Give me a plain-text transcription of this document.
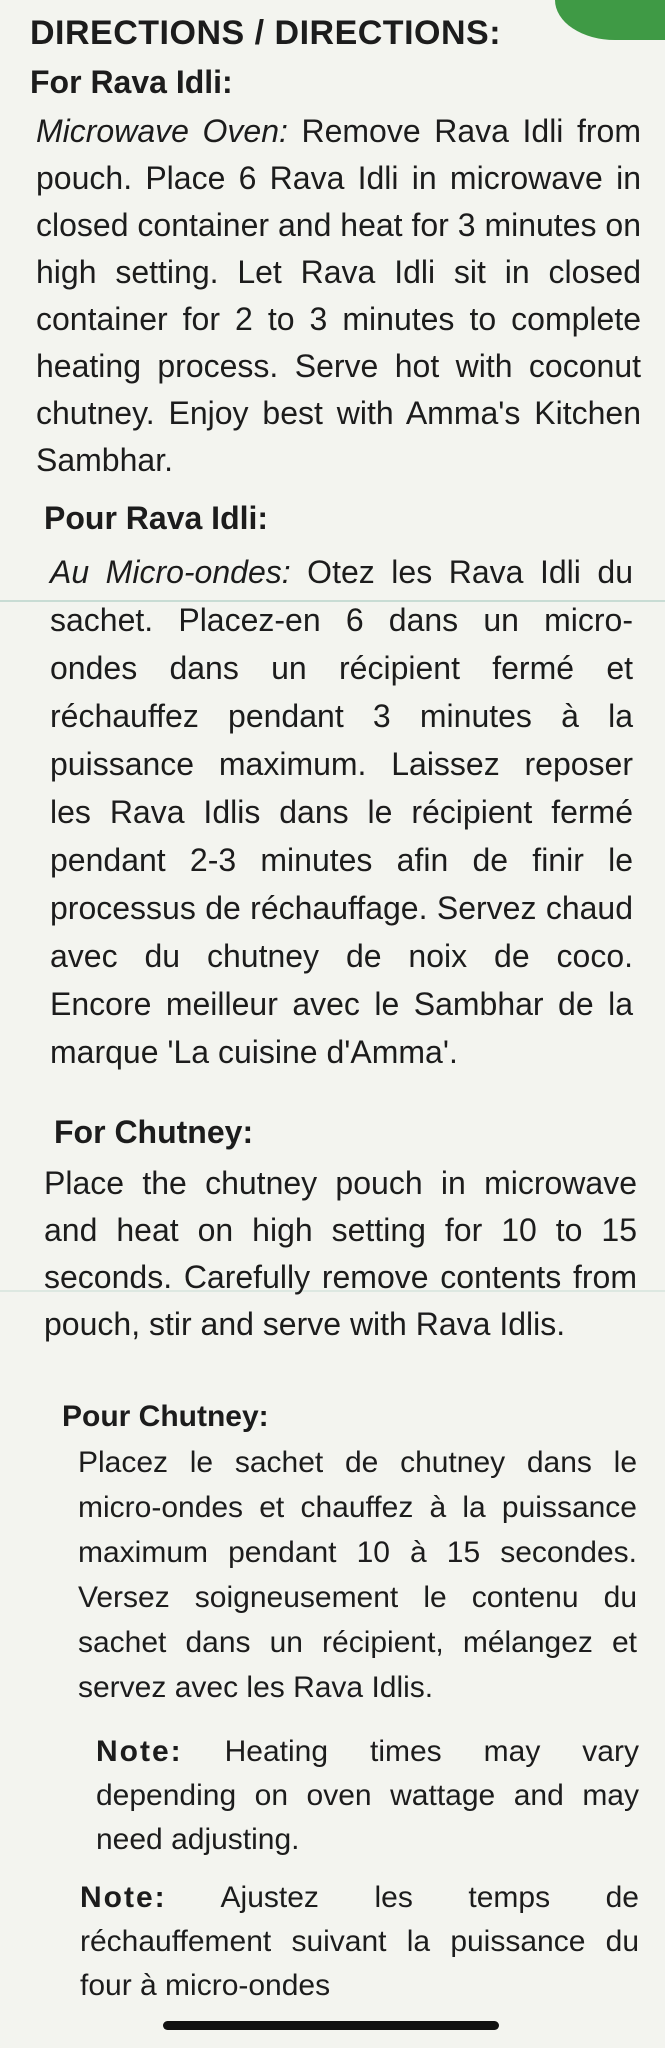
DIRECTIONS / DIRECTIONS:
For Rava Idli:
Microwave Oven: Remove Rava Idli from pouch. Place 6 Rava Idli in microwave in closed container and heat for 3 minutes on high setting. Let Rava Idli sit in closed container for 2 to 3 minutes to complete heating process. Serve hot with coconut chutney. Enjoy best with Amma's Kitchen Sambhar.
Pour Rava Idli:
Au Micro-ondes: Otez les Rava Idli du sachet. Placez-en 6 dans un micro-ondes dans un récipient fermé et réchauffez pendant 3 minutes à la puissance maximum. Laissez reposer les Rava Idlis dans le récipient fermé pendant 2-3 minutes afin de finir le processus de réchauffage. Servez chaud avec du chutney de noix de coco. Encore meilleur avec le Sambhar de la marque 'La cuisine d'Amma'.
For Chutney:
Place the chutney pouch in microwave and heat on high setting for 10 to 15 seconds. Carefully remove contents from pouch, stir and serve with Rava Idlis.
Pour Chutney:
Placez le sachet de chutney dans le micro-ondes et chauffez à la puissance maximum pendant 10 à 15 secondes. Versez soigneusement le contenu du sachet dans un récipient, mélangez et servez avec les Rava Idlis.
Note: Heating times may vary depending on oven wattage and may need adjusting.
Note: Ajustez les temps de réchauffement suivant la puissance du four à micro-ondes
